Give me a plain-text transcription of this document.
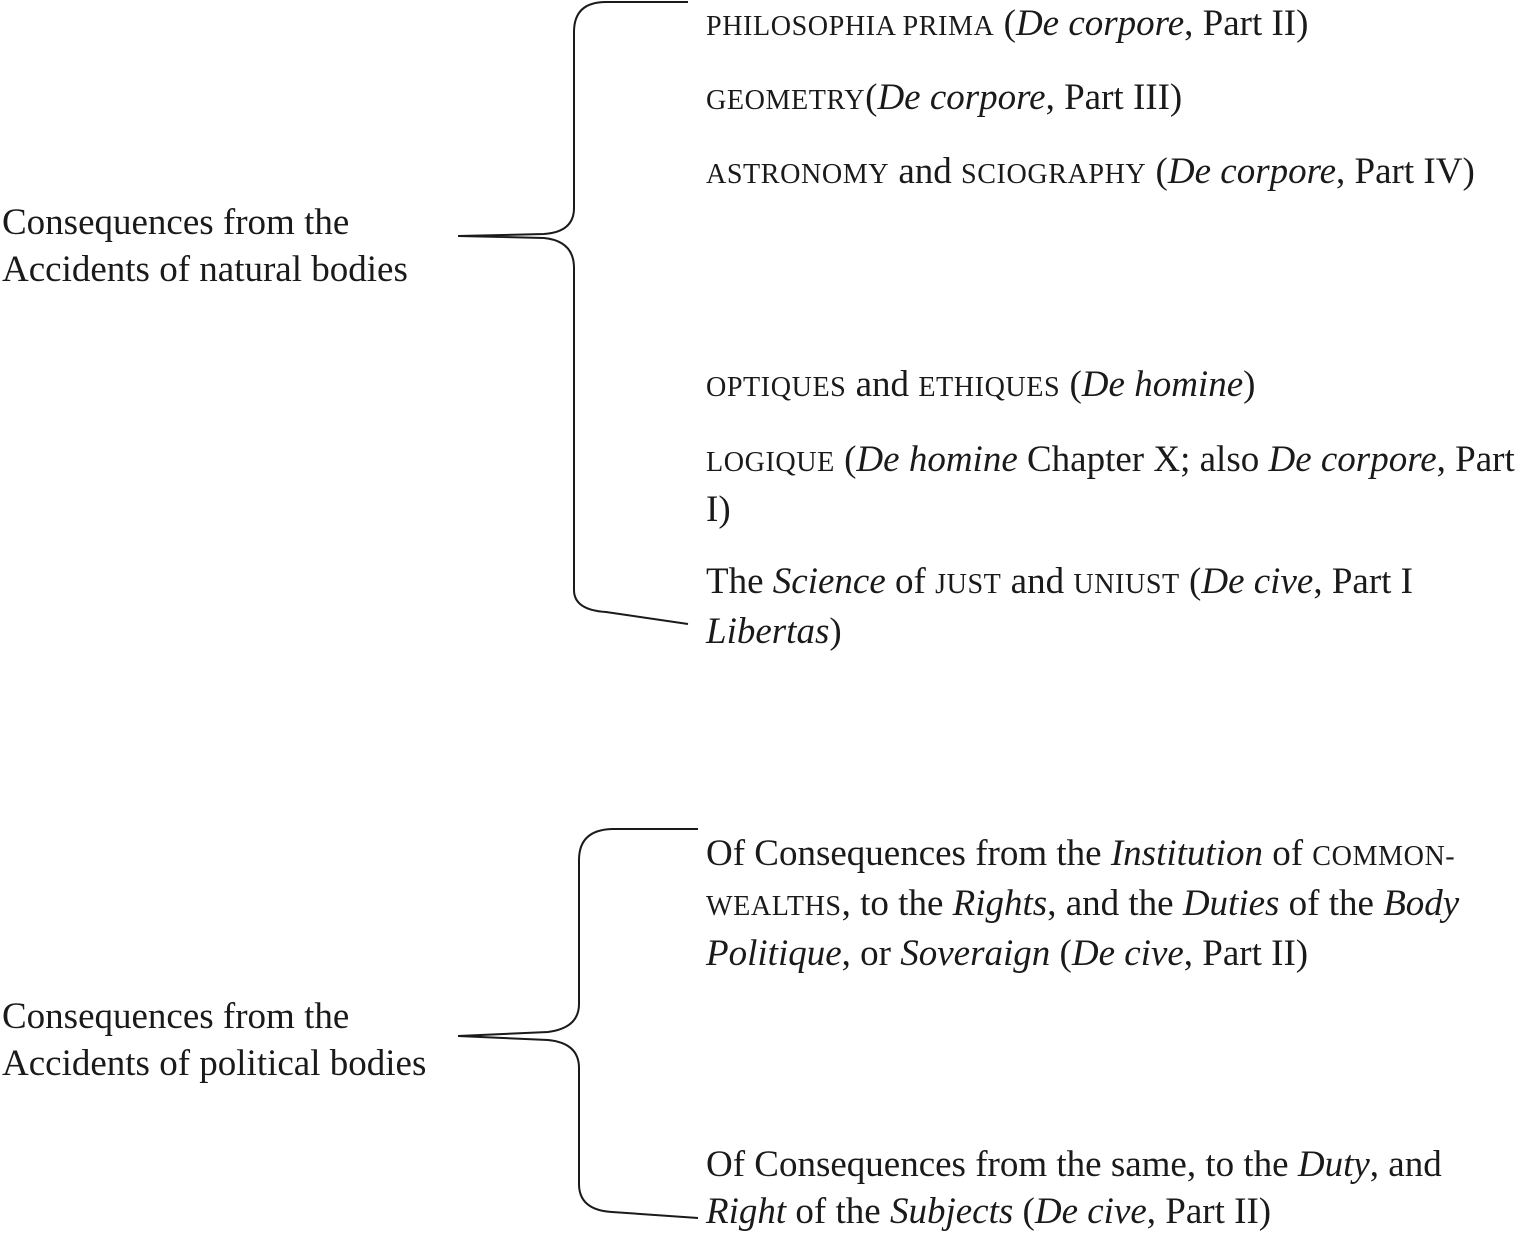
Consequences from the
Accidents of natural bodies
PHILOSOPHIA PRIMA (De corpore, Part II)
GEOMETRY(De corpore, Part III)
ASTRONOMY and SCIOGRAPHY (De corpore, Part IV)
OPTIQUES and ETHIQUES (De homine)
LOGIQUE (De homine Chapter X; also De corpore, Part I)
The Science of JUST and UNIUST (De cive, Part I Libertas)
Consequences from the
Accidents of political bodies
Of Consequences from the Institution of COMMON-WEALTHS, to the Rights, and the Duties of the Body Politique, or Soveraign (De cive, Part II)
Of Consequences from the same, to the Duty, and Right of the Subjects (De cive, Part II)
